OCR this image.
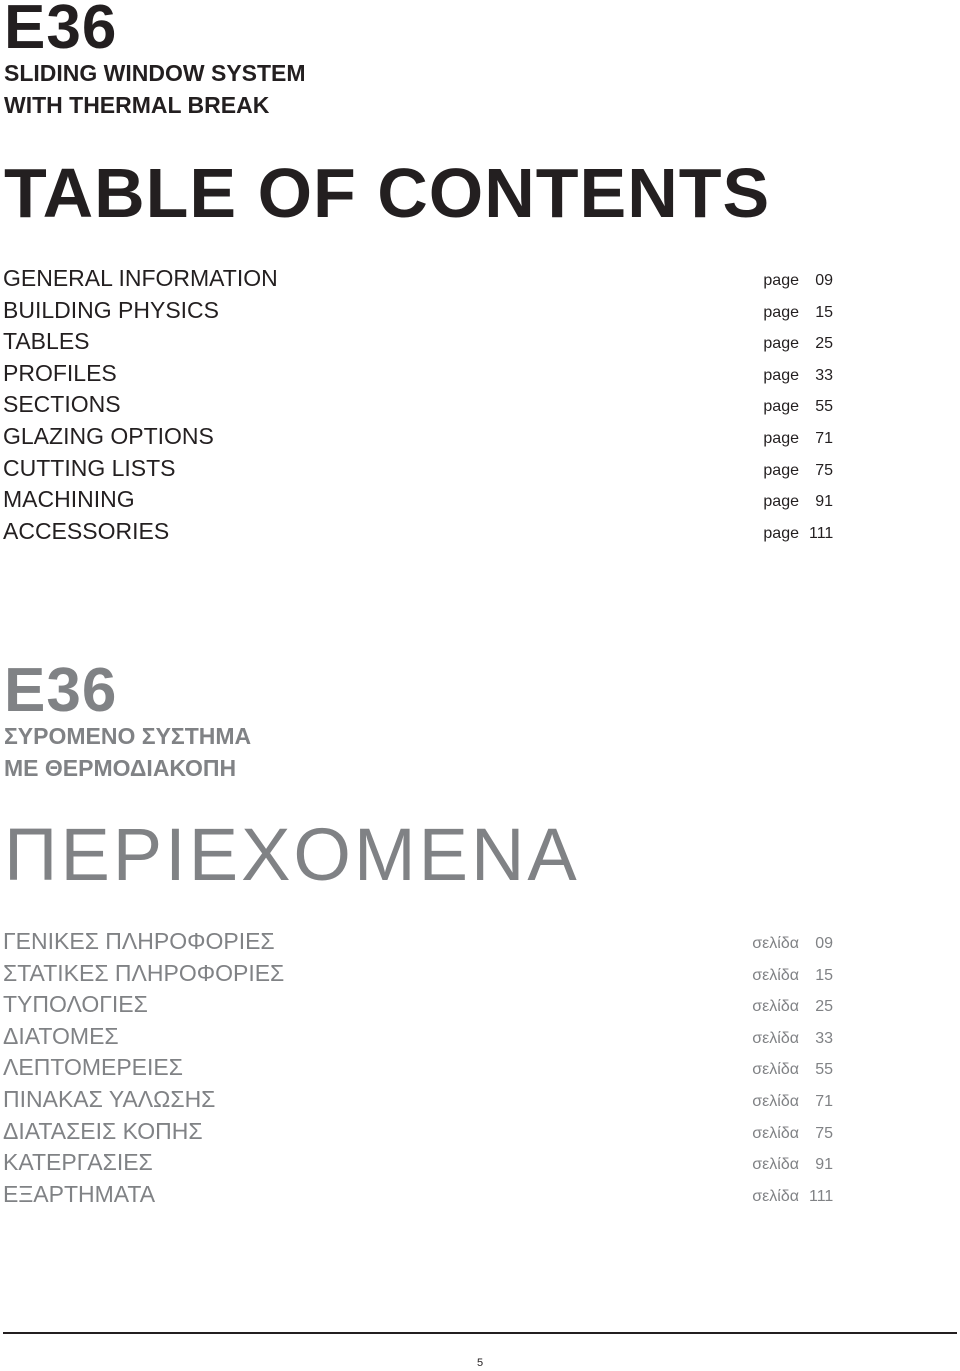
E36
SLIDING WINDOW SYSTEM
WITH THERMAL BREAK
TABLE OF CONTENTS
GENERAL INFORMATION	page	09
BUILDING PHYSICS	page	15
TABLES	page	25
PROFILES	page	33
SECTIONS	page	55
GLAZING OPTIONS	page	71
CUTTING LISTS	page	75
MACHINING	page	91
ACCESSORIES	page 111
E36
ΣΥΡΟΜΕΝΟ ΣΥΣΤΗΜΑ
ΜΕ ΘΕΡΜΟΔΙΑΚΟΠΗ
ΠΕΡΙΕΧΟΜΕΝΑ
ΓΕΝΙΚΕΣ ΠΛΗΡΟΦΟΡΙΕΣ	σελίδα	09
ΣΤΑΤΙΚΕΣ ΠΛΗΡΟΦΟΡΙΕΣ	σελίδα	15
ΤΥΠΟΛΟΓΙΕΣ	σελίδα	25
ΔΙΑΤΟΜΕΣ	σελίδα	33
ΛΕΠΤΟΜΕΡΕΙΕΣ	σελίδα	55
ΠΙΝΑΚΑΣ ΥΑΛΩΣΗΣ	σελίδα	71
ΔΙΑΤΑΣΕΙΣ ΚΟΠΗΣ	σελίδα	75
ΚΑΤΕΡΓΑΣΙΕΣ	σελίδα	91
ΕΞΑΡΤΗΜΑΤΑ	σελίδα 111
5
